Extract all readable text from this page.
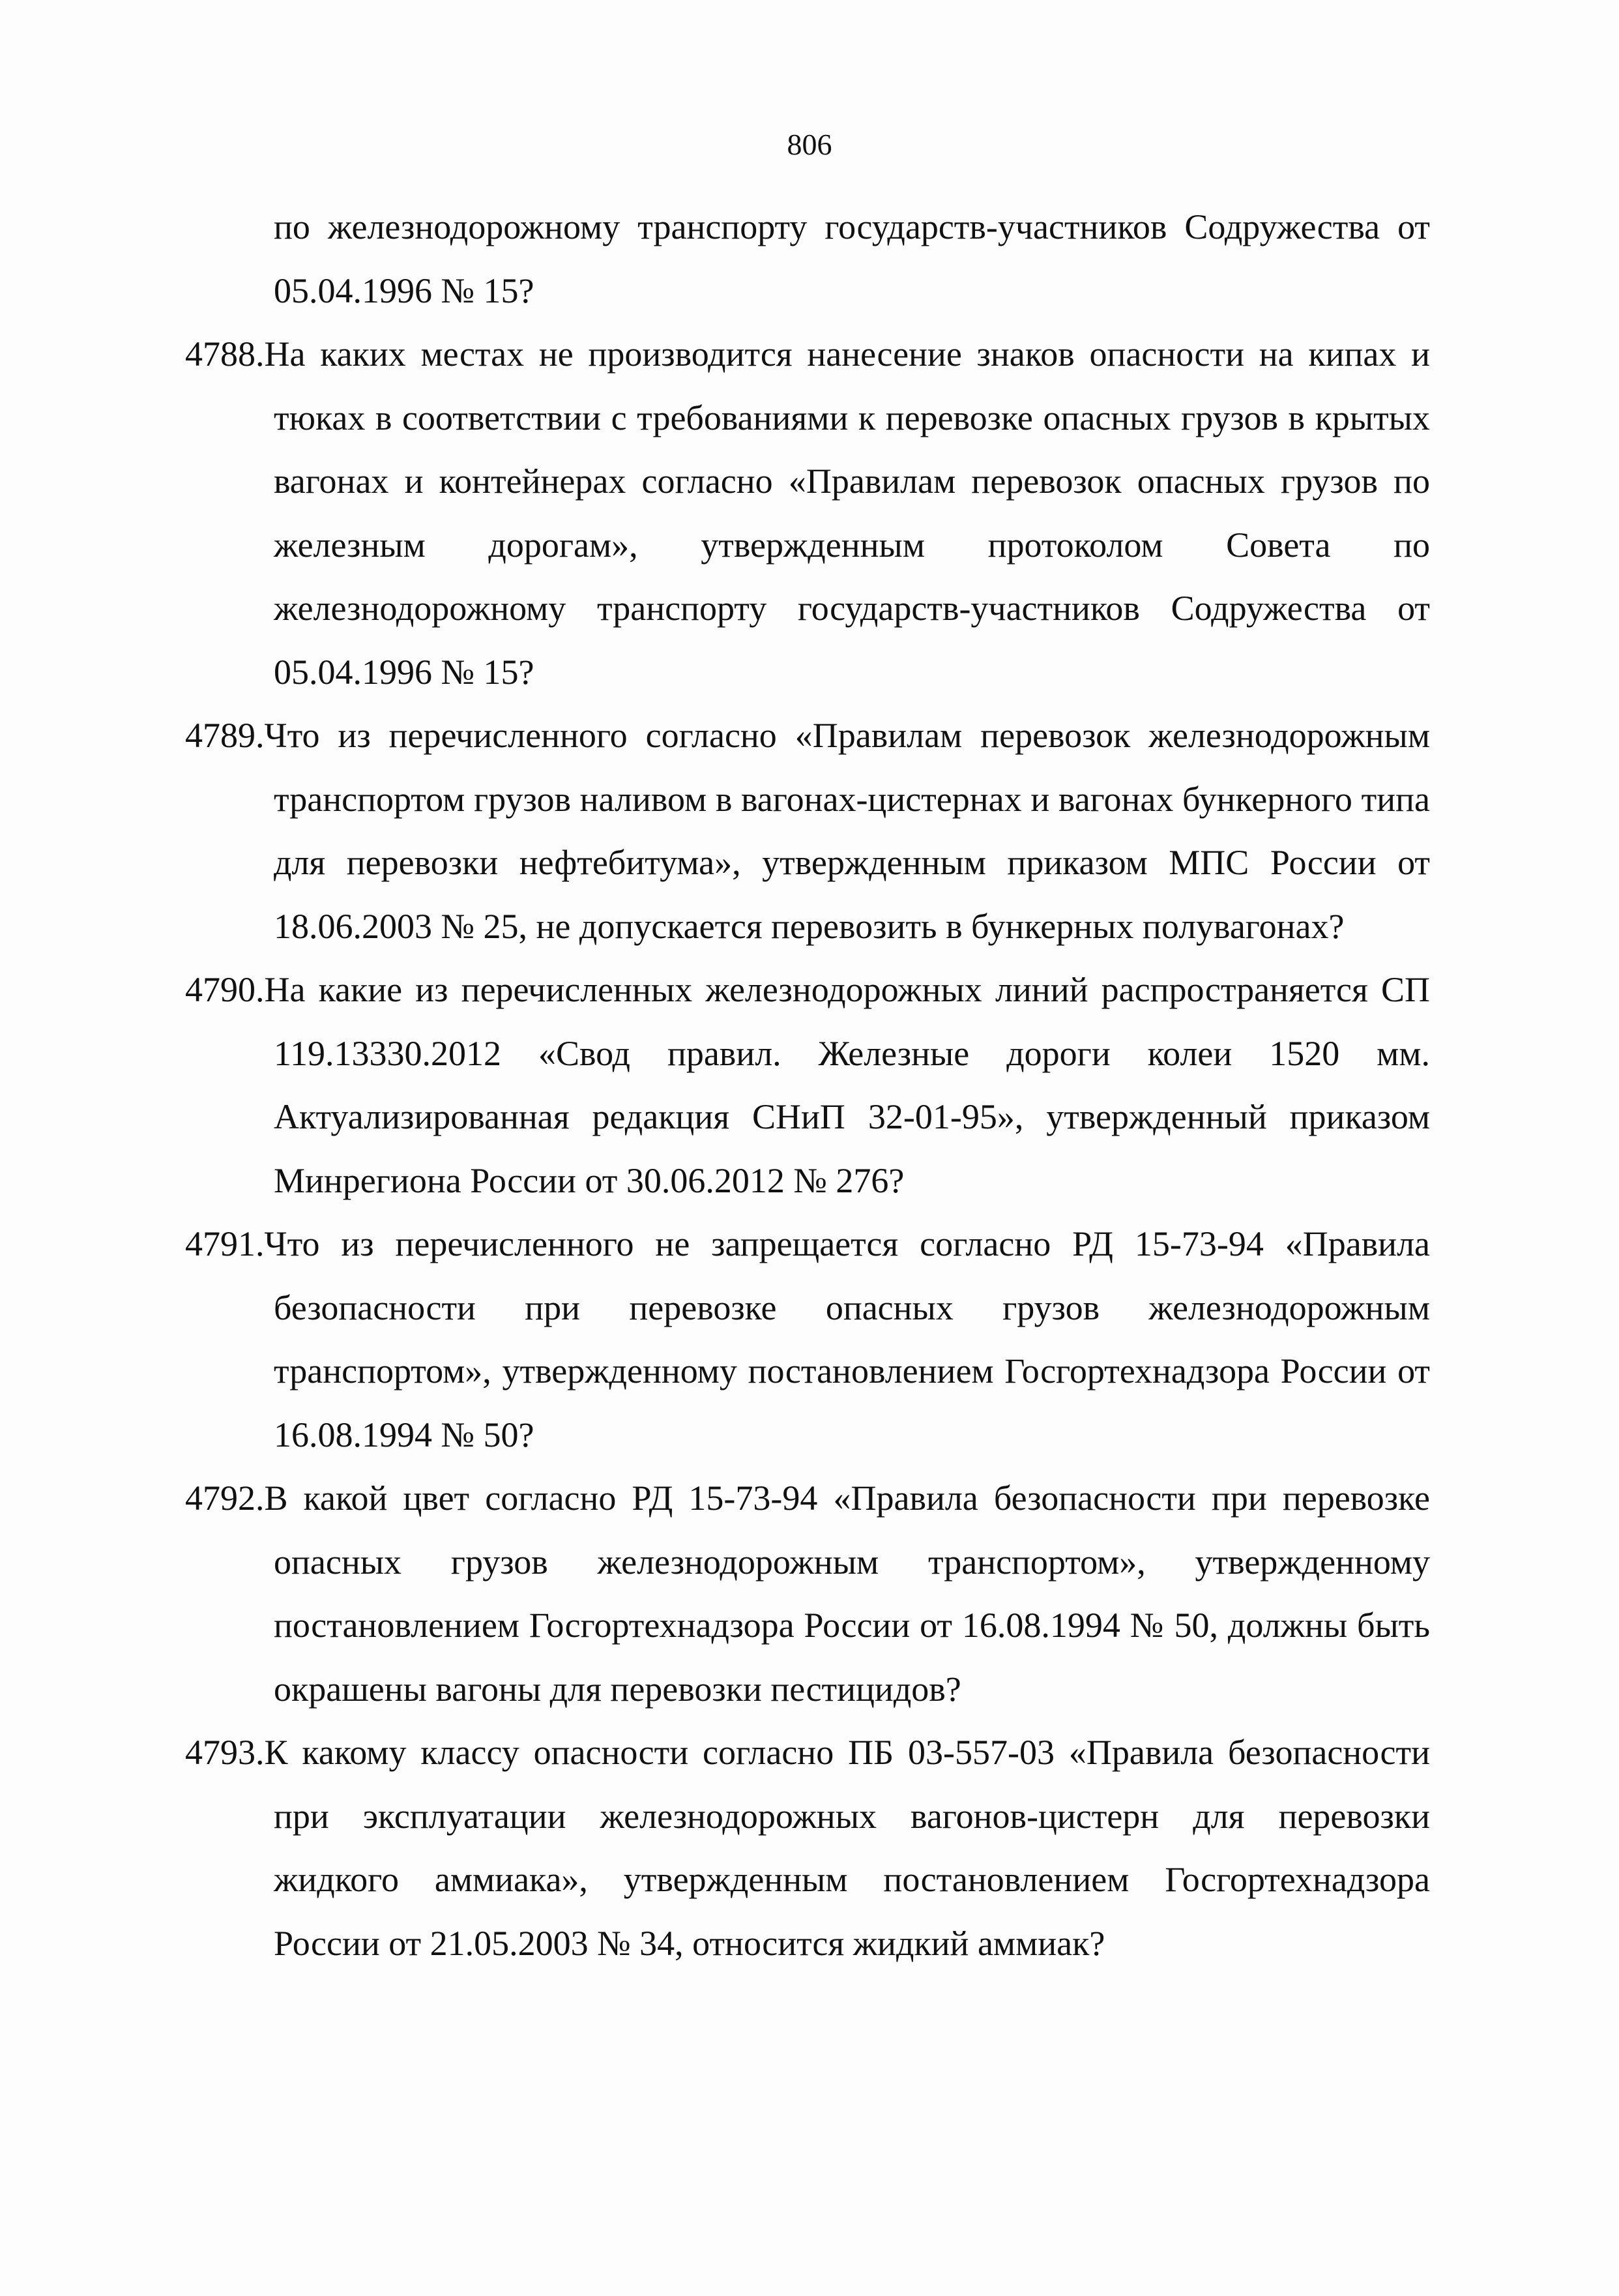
806

по железнодорожному транспорту государств-участников Содружества от 05.04.1996 № 15?

4788.На каких местах не производится нанесение знаков опасности на кипах и тюках в соответствии с требованиями к перевозке опасных грузов в крытых вагонах и контейнерах согласно «Правилам перевозок опасных грузов по железным дорогам», утвержденным протоколом Совета по железнодорожному транспорту государств-участников Содружества от 05.04.1996 № 15?

4789.Что из перечисленного согласно «Правилам перевозок железнодорожным транспортом грузов наливом в вагонах-цистернах и вагонах бункерного типа для перевозки нефтебитума», утвержденным приказом МПС России от 18.06.2003 № 25, не допускается перевозить в бункерных полувагонах?

4790.На какие из перечисленных железнодорожных линий распространяется СП 119.13330.2012 «Свод правил. Железные дороги колеи 1520 мм. Актуализированная редакция СНиП 32-01-95», утвержденный приказом Минрегиона России от 30.06.2012 № 276?

4791.Что из перечисленного не запрещается согласно РД 15-73-94 «Правила безопасности при перевозке опасных грузов железнодорожным транспортом», утвержденному постановлением Госгортехнадзора России от 16.08.1994 № 50?

4792.В какой цвет согласно РД 15-73-94 «Правила безопасности при перевозке опасных грузов железнодорожным транспортом», утвержденному постановлением Госгортехнадзора России от 16.08.1994 № 50, должны быть окрашены вагоны для перевозки пестицидов?

4793.К какому классу опасности согласно ПБ 03-557-03 «Правила безопасности при эксплуатации железнодорожных вагонов-цистерн для перевозки жидкого аммиака», утвержденным постановлением Госгортехнадзора России от 21.05.2003 № 34, относится жидкий аммиак?
